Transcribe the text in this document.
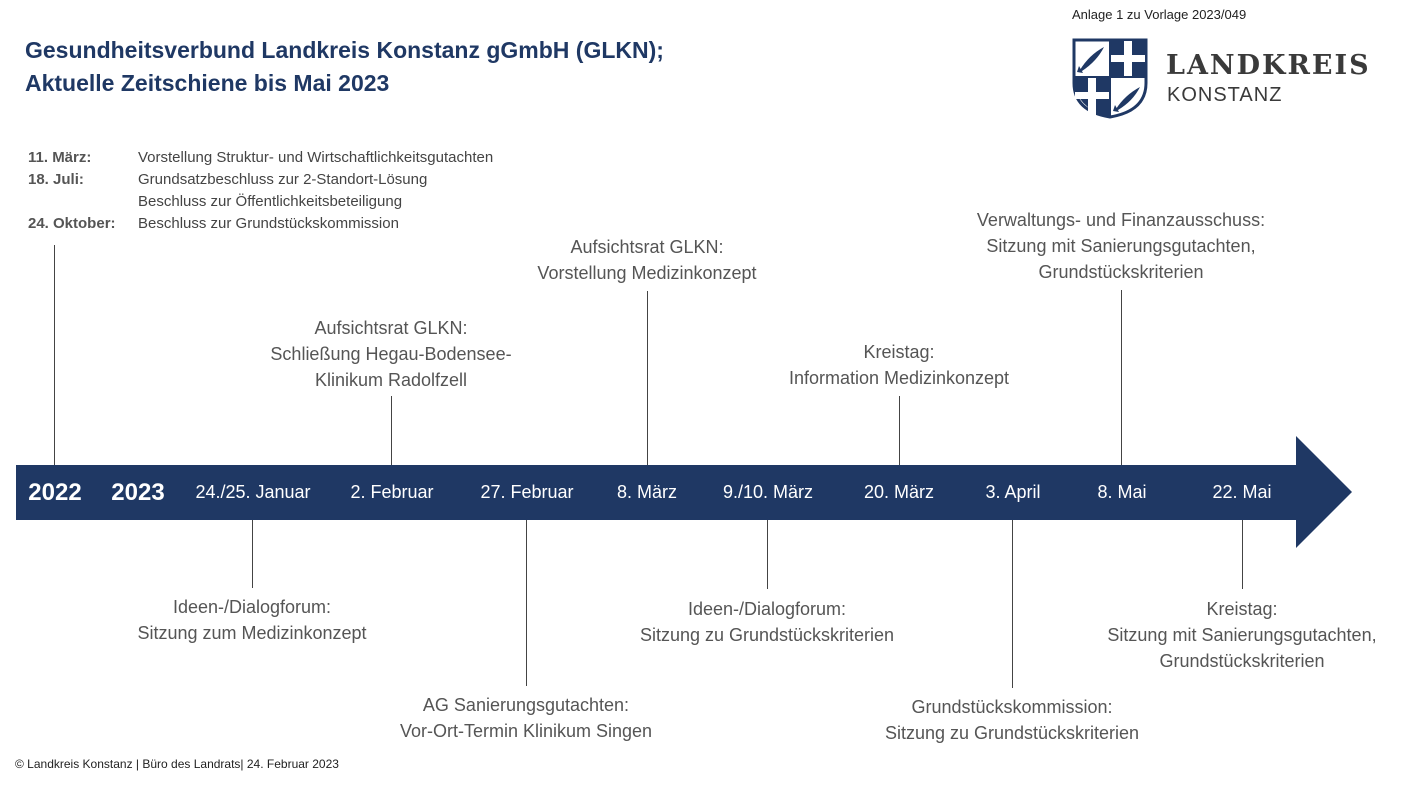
Gesundheitsverbund Landkreis Konstanz gGmbH (GLKN);
Aktuelle Zeitschiene bis Mai 2023
Anlage 1 zu Vorlage 2023/049
LANDKREIS
KONSTANZ
11. März:	Vorstellung Struktur- und Wirtschaftlichkeitsgutachten
18. Juli:	Grundsatzbeschluss zur 2-Standort-Lösung
Beschluss zur Öffentlichkeitsbeteiligung
24. Oktober: Beschluss zur Grundstückskommission
2022 2023 24./25. Januar 2. Februar	27. Februar 8. März	9./10. März	20. März	3. April	8. Mai	22. Mai
Aufsichtsrat GLKN:
Schließung Hegau-Bodensee-
Klinikum Radolfzell
Aufsichtsrat GLKN:
Vorstellung Medizinkonzept
Kreistag:
Information Medizinkonzept
Verwaltungs- und Finanzausschuss:
Sitzung mit Sanierungsgutachten,
Grundstückskriterien
Ideen-/Dialogforum:
Sitzung zum Medizinkonzept
AG Sanierungsgutachten:
Vor-Ort-Termin Klinikum Singen
Ideen-/Dialogforum:
Sitzung zu Grundstückskriterien
Grundstückskommission:
Sitzung zu Grundstückskriterien
Kreistag:
Sitzung mit Sanierungsgutachten,
Grundstückskriterien
© Landkreis Konstanz | Büro des Landrats| 24. Februar 2023
